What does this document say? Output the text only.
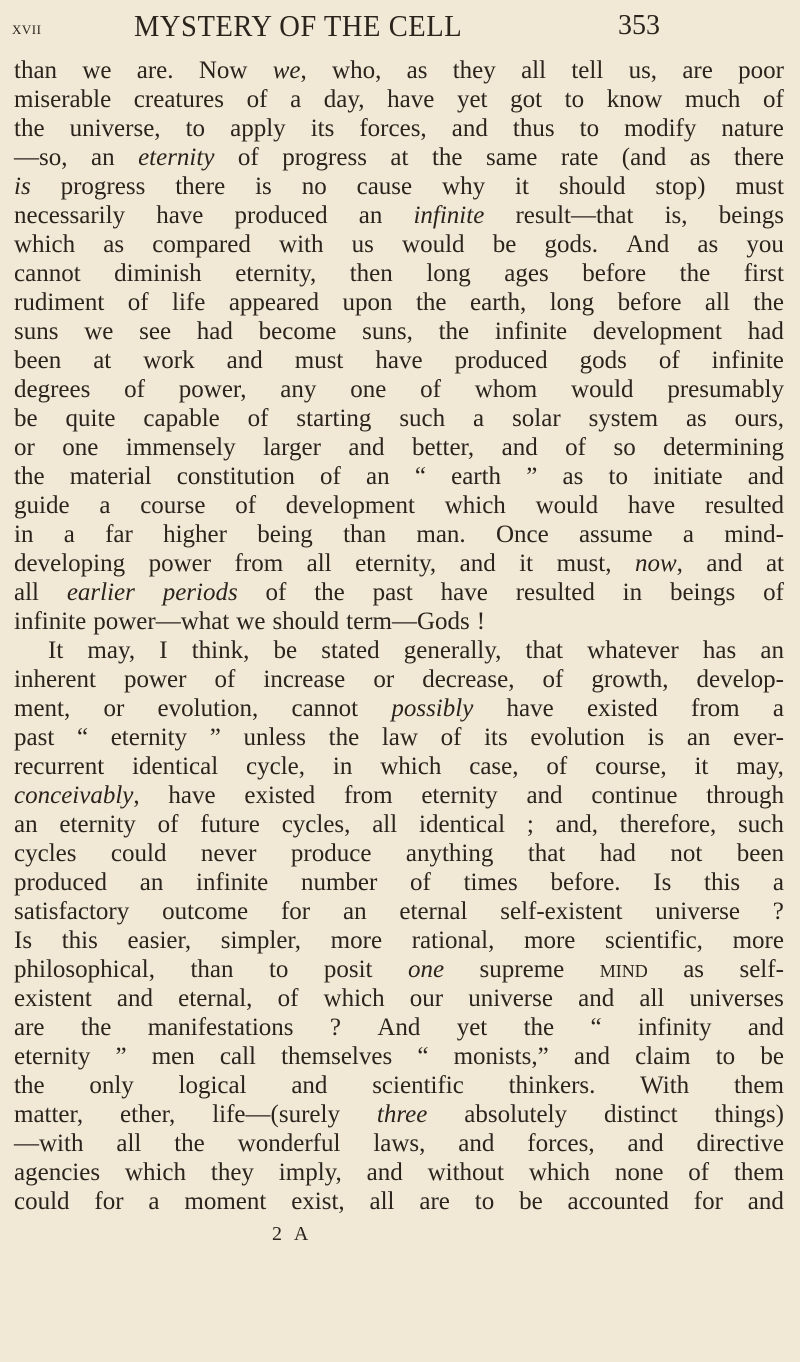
XVII	MYSTERY OF THE CELL	353
than we are. Now we, who, as they all tell us, are poor
miserable creatures of a day, have yet got to know much of
the universe, to apply its forces, and thus to modify nature
—so, an eternity of progress at the same rate (and as there
is progress there is no cause why it should stop) must
necessarily have produced an infinite result—that is, beings
which as compared with us would be gods. And as you
cannot diminish eternity, then long ages before the first
rudiment of life appeared upon the earth, long before all the
suns we see had become suns, the infinite development had
been at work and must have produced gods of infinite
degrees of power, any one of whom would presumably
be quite capable of starting such a solar system as ours,
or one immensely larger and better, and of so determining
the material constitution of an “ earth ” as to initiate and
guide a course of development which would have resulted
in a far higher being than man. Once assume a mind-
developing power from all eternity, and it must, now, and at
all earlier periods of the past have resulted in beings of
infinite power—what we should term—Gods !
It may, I think, be stated generally, that whatever has an
inherent power of increase or decrease, of growth, develop-
ment, or evolution, cannot possibly have existed from a
past “ eternity ” unless the law of its evolution is an ever-
recurrent identical cycle, in which case, of course, it may,
conceivably, have existed from eternity and continue through
an eternity of future cycles, all identical ; and, therefore, such
cycles could never produce anything that had not been
produced an infinite number of times before. Is this a
satisfactory outcome for an eternal self-existent universe ?
Is this easier, simpler, more rational, more scientific, more
philosophical, than to posit one supreme mind as self-
existent and eternal, of which our universe and all universes
are the manifestations ? And yet the “ infinity and
eternity ” men call themselves “ monists,” and claim to be
the only logical and scientific thinkers. With them
matter, ether, life—(surely three absolutely distinct things)
—with all the wonderful laws, and forces, and directive
agencies which they imply, and without which none of them
could for a moment exist, all are to be accounted for and
2 A
